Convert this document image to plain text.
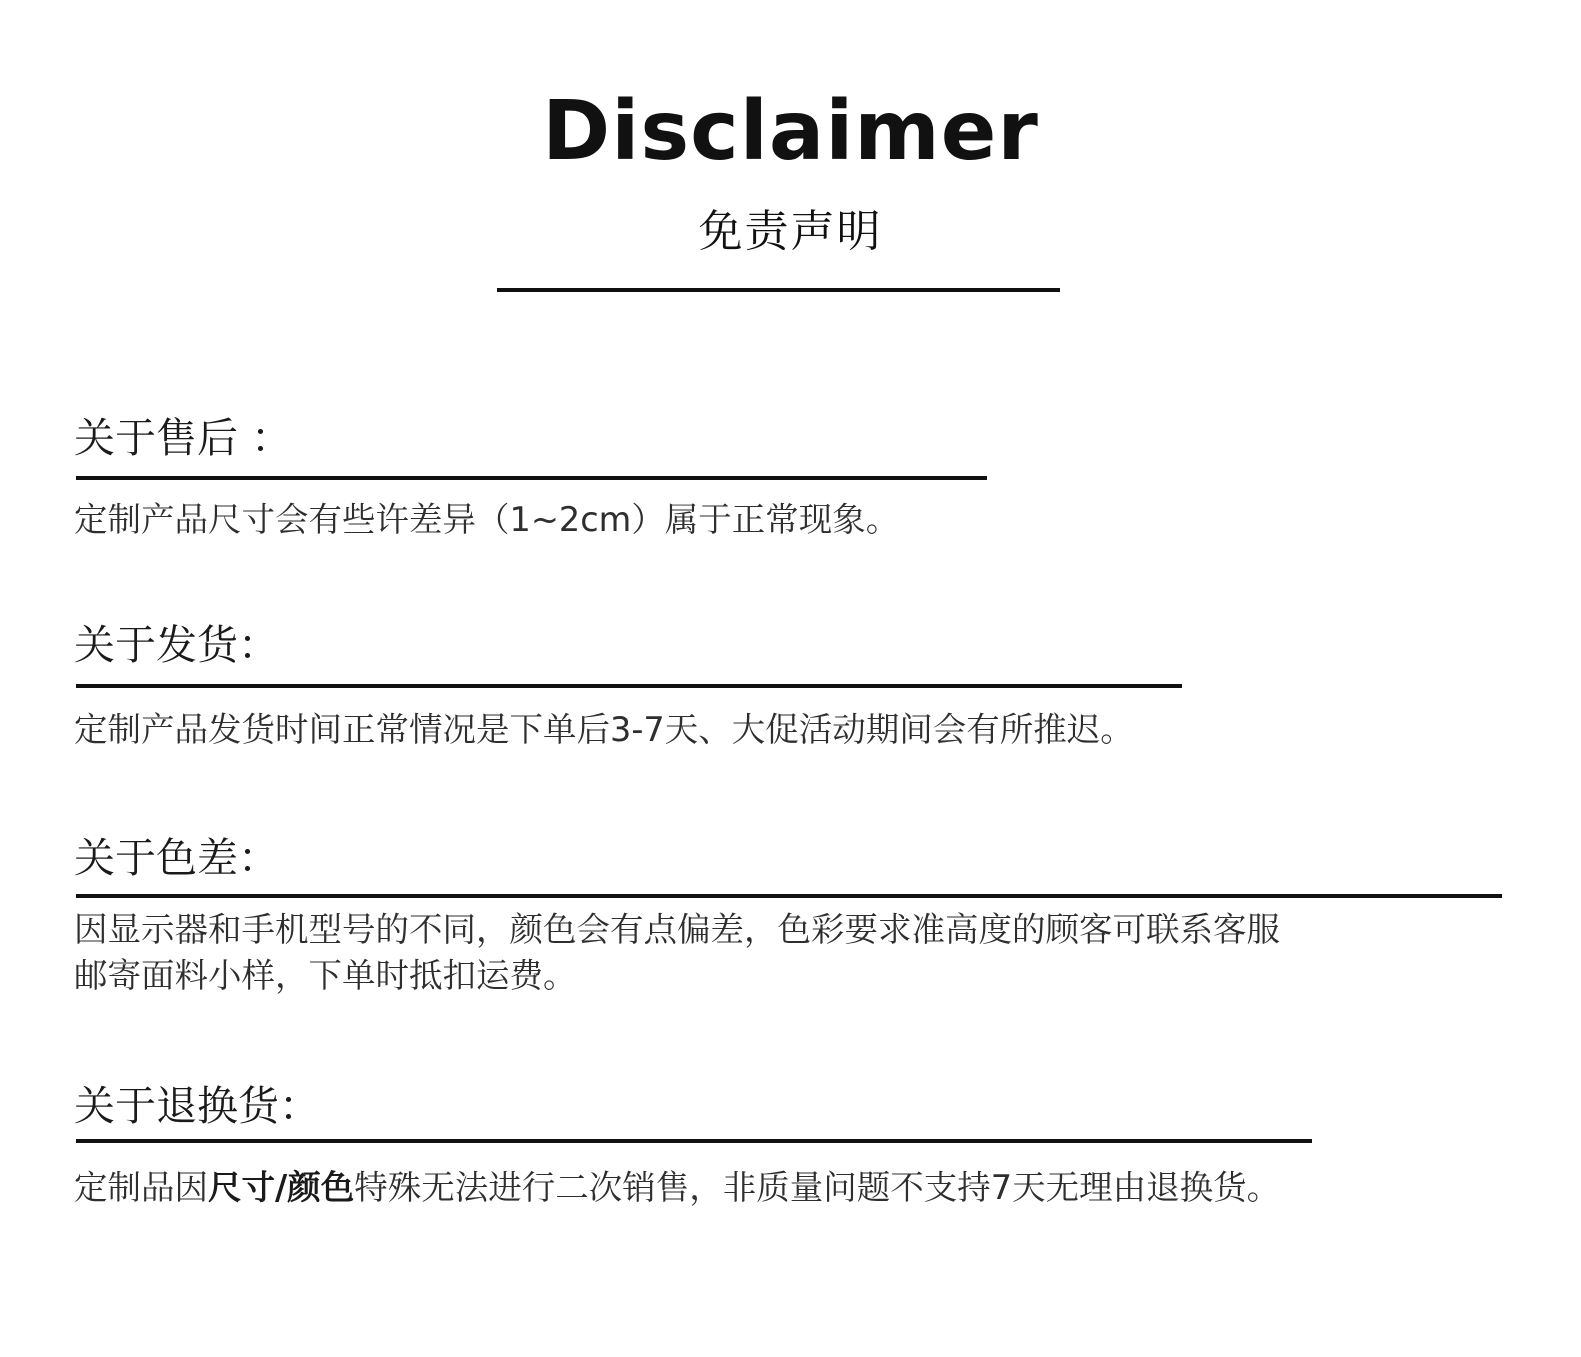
Disclaimer
免责声明
关于售后 ：
定制产品尺寸会有些许差异（1~2cm）属于正常现象。
关于发货：
定制产品发货时间正常情况是下单后3-7天、大促活动期间会有所推迟。
关于色差：
因显示器和手机型号的不同，颜色会有点偏差，色彩要求准高度的顾客可联系客服
邮寄面料小样，下单时抵扣运费。
关于退换货：
定制品因尺寸/颜色特殊无法进行二次销售，非质量问题不支持7天无理由退换货。
